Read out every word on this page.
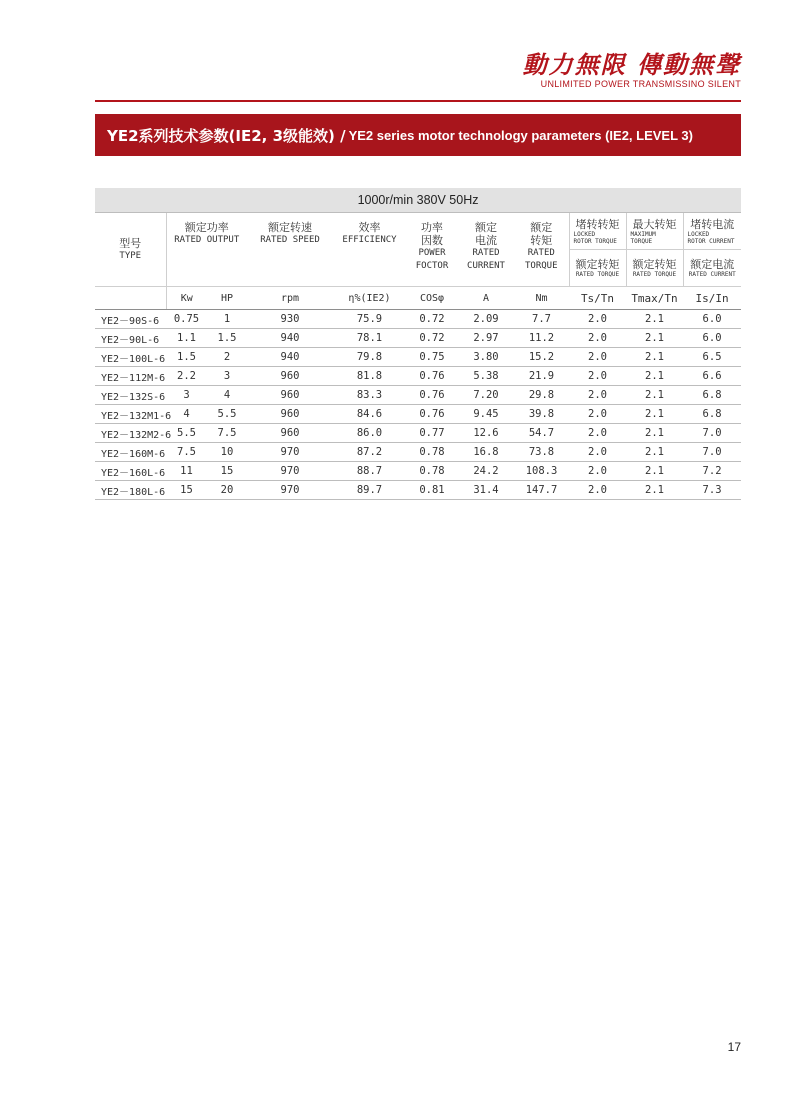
動力無限 傳動無聲
UNLIMITED POWER TRANSMISSINO SILENT
YE2系列技术参数(IE2, 3级能效) / YE2 series motor technology parameters (IE2, LEVEL 3)
1000r/min 380V 50Hz										

型号
TYPE	额定功率
RATED OUTPUT		额定转速
RATED SPEED	效率
EFFICIENCY	功率
因数
POWER
FOCTOR	额定
电流
RATED
CURRENT	额定
转矩
RATED
TORQUE	堵转转矩
LOCKED
ROTOR TORQUE	最大转矩
MAXIMUM
TORQUE	堵转电流
LOCKED
ROTOR CURRENT

								额定转矩
RATED TORQUE	额定转矩
RATED TORQUE	额定电流
RATED CURRENT

	Kw	HP	rpm	η%(IE2)	COSφ	A	Nm	Ts/Tn	Tmax/Tn	Is/In
YE2－90S-6	0.75	1	930	75.9	0.72	2.09	7.7	2.0	2.1	6.0
YE2－90L-6	1.1	1.5	940	78.1	0.72	2.97	11.2	2.0	2.1	6.0
YE2－100L-6	1.5	2	940	79.8	0.75	3.80	15.2	2.0	2.1	6.5
YE2－112M-6	2.2	3	960	81.8	0.76	5.38	21.9	2.0	2.1	6.6
YE2－132S-6	3	4	960	83.3	0.76	7.20	29.8	2.0	2.1	6.8
YE2－132M1-6	4	5.5	960	84.6	0.76	9.45	39.8	2.0	2.1	6.8
YE2－132M2-6	5.5	7.5	960	86.0	0.77	12.6	54.7	2.0	2.1	7.0
YE2－160M-6	7.5	10	970	87.2	0.78	16.8	73.8	2.0	2.1	7.0
YE2－160L-6	11	15	970	88.7	0.78	24.2	108.3	2.0	2.1	7.2
YE2－180L-6	15	20	970	89.7	0.81	31.4	147.7	2.0	2.1	7.3
17
